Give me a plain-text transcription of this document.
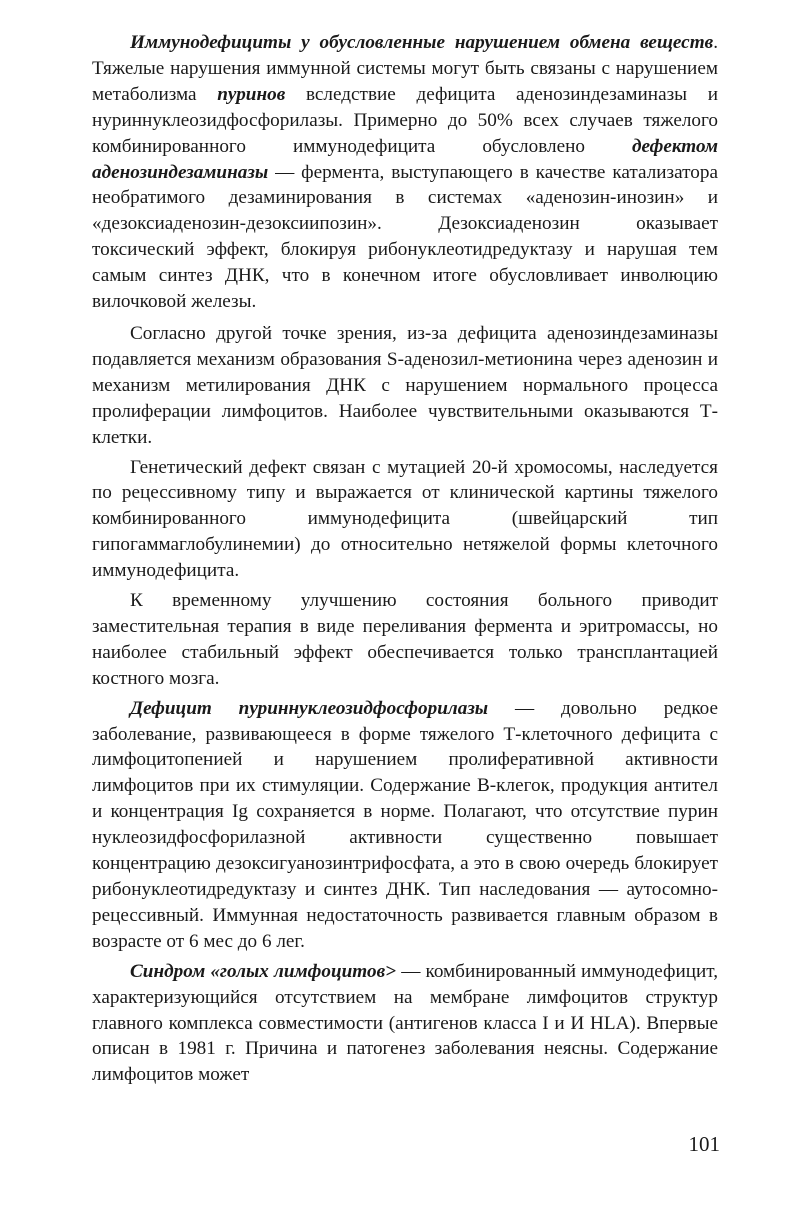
Иммунодефициты у обусловленные нарушением обмена веществ. Тяжелые нарушения иммунной системы могут быть связаны с нарушением метаболизма пуринов вследствие дефицита аденозиндезаминазы и нуриннуклеозидфосфорилазы. Примерно до 50% всех случаев тяжелого комбинированного иммунодефицита обусловлено дефектом аденозиндезаминазы — фермента, выступающего в качестве катализатора необратимого дезаминирования в системах «аденозин-инозин» и «дезоксиаденозин-дезоксиипозин». Дезоксиаденозин оказывает токсический эффект, блокируя рибонуклеотидредуктазу и нарушая тем самым синтез ДНК, что в конечном итоге обусловливает инволюцию вилочковой железы.

Согласно другой точке зрения, из-за дефицита аденозиндезаминазы подавляется механизм образования S-аденозил-метионина через аденозин и механизм метилирования ДНК с нарушением нормального процесса пролиферации лимфоцитов. Наиболее чувствительными оказываются Т-клетки.

Генетический дефект связан с мутацией 20-й хромосомы, наследуется по рецессивному типу и выражается от клинической картины тяжелого комбинированного иммунодефицита (швейцарский тип гипогаммаглобулинемии) до относительно нетяжелой формы клеточного иммунодефицита.

К временному улучшению состояния больного приводит заместительная терапия в виде переливания фермента и эритромассы, но наиболее стабильный эффект обеспечивается только трансплантацией костного мозга.

Дефицит пуриннуклеозидфосфорилазы — довольно редкое заболевание, развивающееся в форме тяжелого Т-клеточного дефицита с лимфоцитопенией и нарушением пролиферативной активности лимфоцитов при их стимуляции. Содержание В-клегок, продукция антител и концентрация Ig сохраняется в норме. Полагают, что отсутствие пурин нуклеозидфосфорилазной активности существенно повышает концентрацию дезоксигуанозинтрифосфата, а это в свою очередь блокирует рибонуклеотидредуктазу и синтез ДНК. Тип наследования — аутосомно-рецессивный. Иммунная недостаточность развивается главным образом в возрасте от 6 мес до 6 лег.

Синдром «голых лимфоцитов> — комбинированный иммунодефицит, характеризующийся отсутствием на мембране лимфоцитов структур главного комплекса совместимости (антигенов класса I и И HLA). Впервые описан в 1981 г. Причина и патогенез заболевания неясны. Содержание лимфоцитов может

101
